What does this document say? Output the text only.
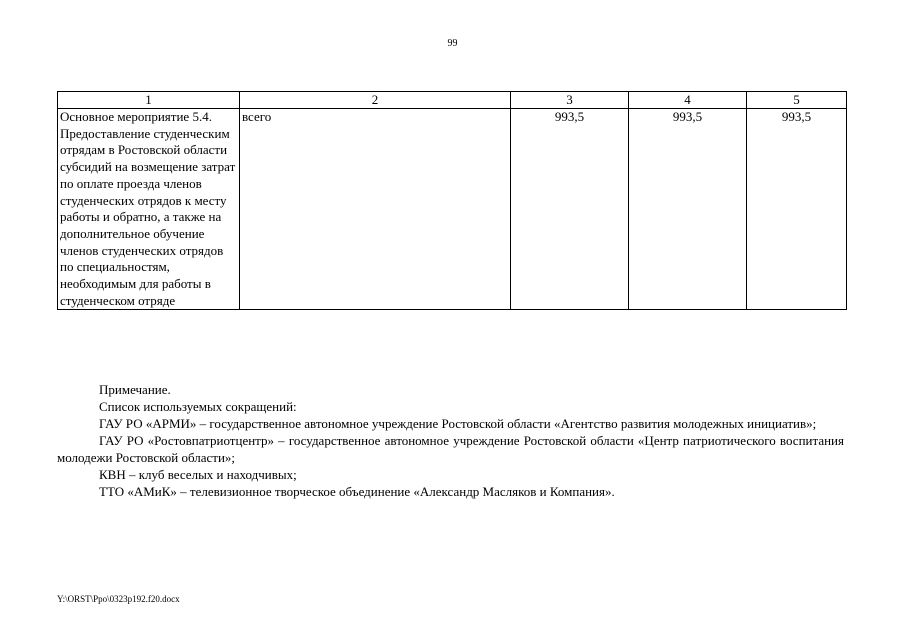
99
1	2	3	4	5
Основное мероприятие 5.4. Предоставление студенческим отрядам в Ростовской области субсидий на возмещение затрат по оплате проезда членов студенческих отрядов к месту работы и обратно, а также на дополнительное обучение членов студенческих отрядов по специальностям, необходимым для работы в студенческом отряде	всего	993,5	993,5	993,5

Примечание.

Список используемых сокращений:

ГАУ РО «АРМИ» – государственное автономное учреждение Ростовской области «Агентство развития молодежных инициатив»;

ГАУ РО «Ростовпатриотцентр» – государственное автономное учреждение Ростовской области «Центр патриотического воспитания молодежи Ростовской области»;

КВН – клуб веселых и находчивых;

ТТО «АМиК» – телевизионное творческое объединение «Александр Масляков и Компания».

Y:\ORST\Ppo\0323p192.f20.docx
